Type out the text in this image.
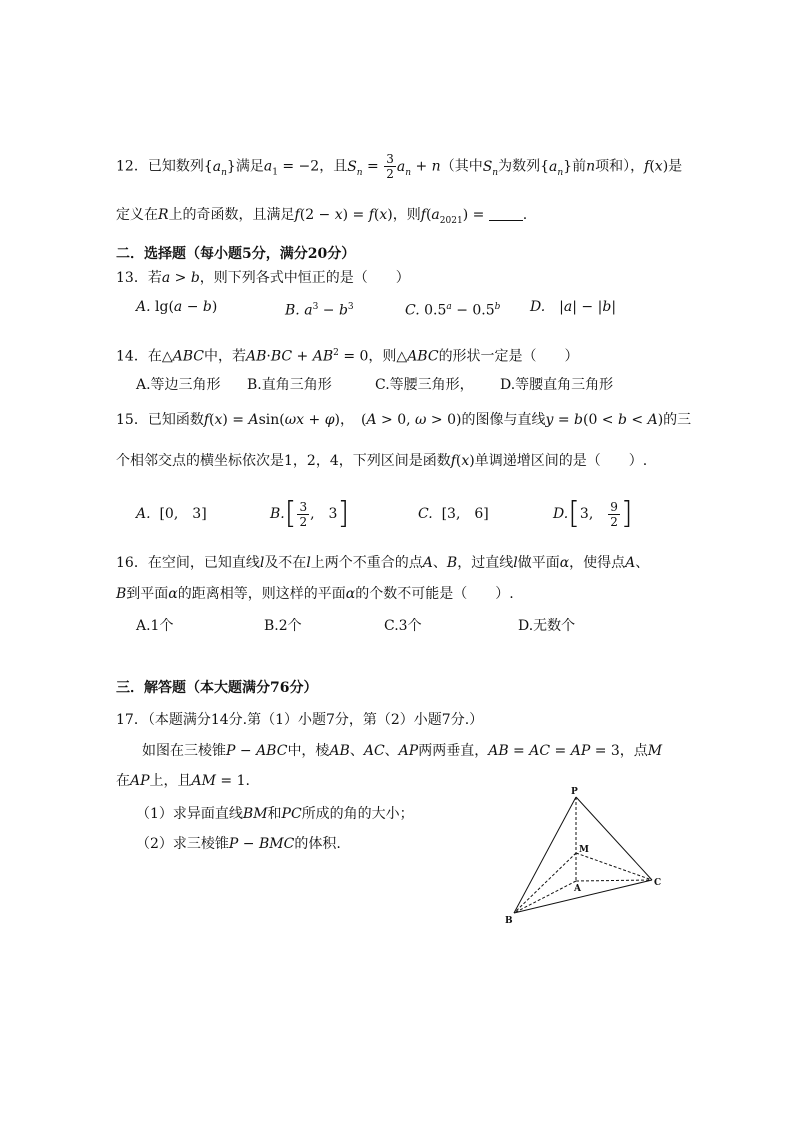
12．已知数列$\{a_n\}$满足$a_1 = -2$，且$S_n = \frac{3}{2} a_n + n$（其中$S_n$为数列$\{a_n\}$前n项和），f(x)是
定义在R上的奇函数，且满足f(2 − x) = f(x)，则$f(a_{2021})$ = .
二．选择题（每小题5分，满分20分）
13．若a > b，则下列各式中恒正的是（　　）
A. lg(a − b)	B. $a^3 - b^3$	C. 0.5$^a$ − 0.5$^b$ D.　|a| − |b|
14．在△ABC中，若$AB\cdot BC + AB^2 = 0$，则△ABC的形状一定是（　　）
A.等边三角形 B.直角三角形	C.等腰三角形， D.等腰直角三角形
15．已知函数f(x) = Asin(ωx + φ)，　(A > 0, ω > 0)的图像与直线y = b(0 < b < A)的三
个相邻交点的横坐标依次是1，2，4，下列区间是函数f(x)单调递增区间的是（　　）.
A.  [0,　3]	$B.[ \frac{3}{2}$ ,　3]	C.  [3,　6]	D.[3,　 $\frac{9}{2}$ ]
16．在空间，已知直线l及不在l上两个不重合的点A、B，过直线l做平面α，使得点A、
B到平面α的距离相等，则这样的平面α的个数不可能是（　　）.
A.1个	B.2个	C.3个	D.无数个
三．解答题（本大题满分76分）
17．（本题满分14分.第（1）小题7分，第（2）小题7分.）
如图在三棱锥P − ABC中，棱AB、AC、AP两两垂直，AB = AC = AP = 3，点M
在AP上，且AM = 1.
（1）求异面直线BM和PC所成的角的大小；
（2）求三棱锥P − BMC的体积.
P
M
A
B
C
